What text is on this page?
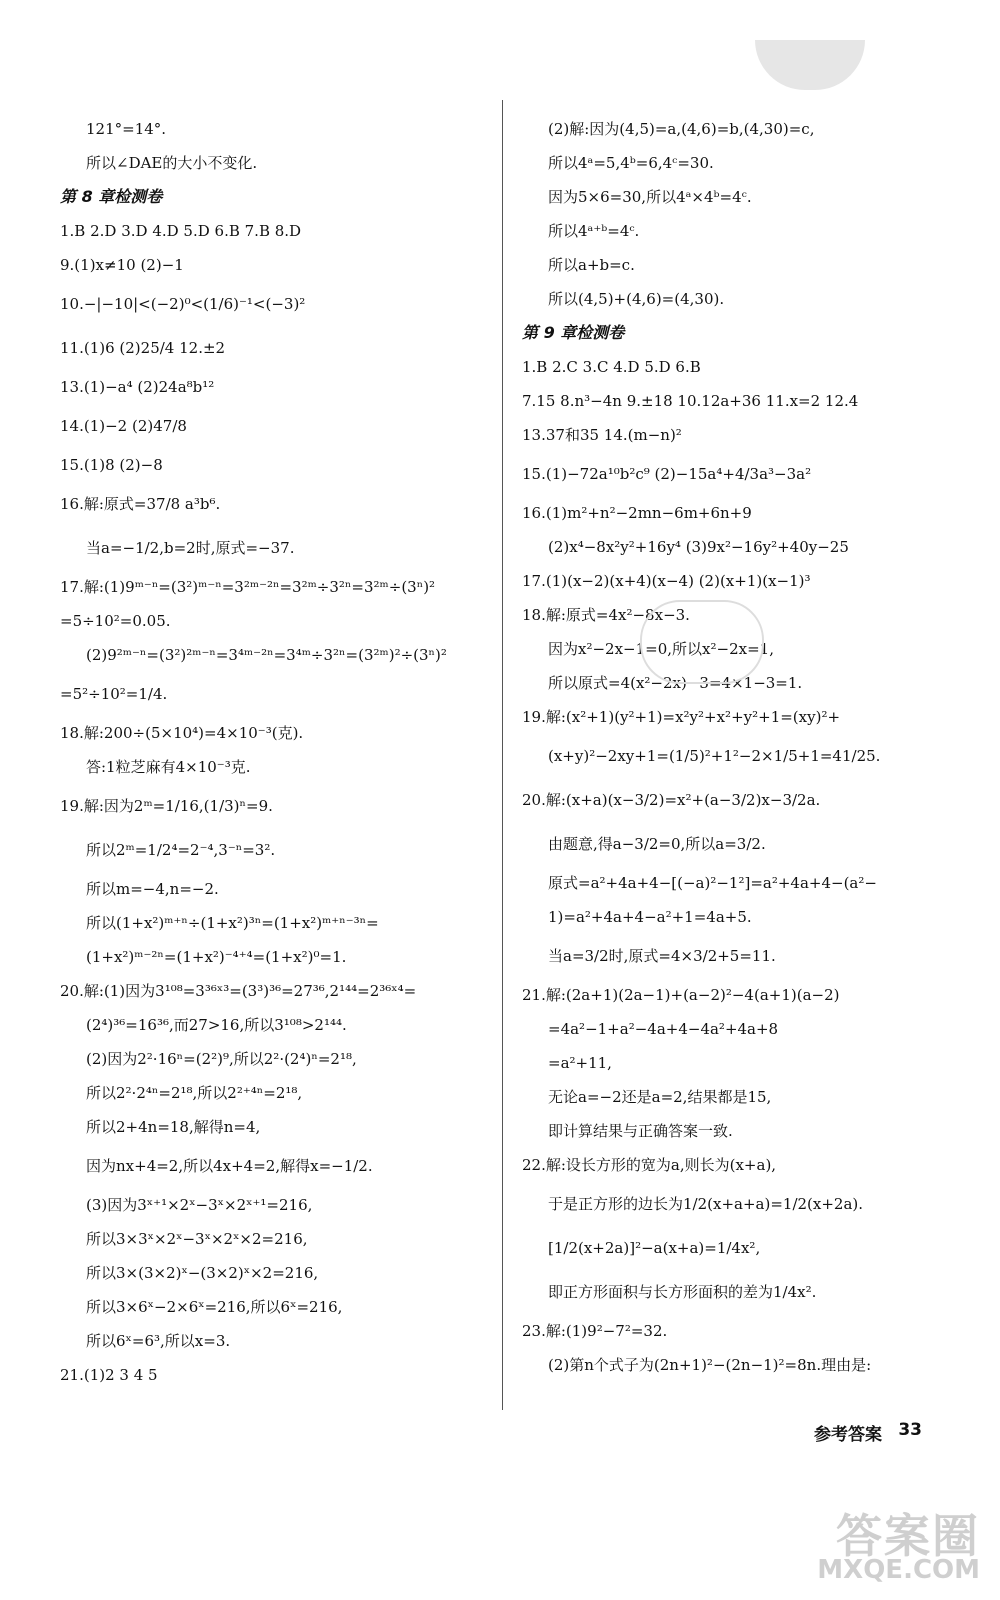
121°=14°.
所以∠DAE的大小不变化.
第 8 章检测卷
1.B 2.D 3.D 4.D 5.D 6.B 7.B 8.D
9.(1)x≠10 (2)−1
10.−|−10|<(−2)⁰<(1/6)⁻¹<(−3)²
11.(1)6 (2)25/4 12.±2
13.(1)−a⁴ (2)24a⁸b¹²
14.(1)−2 (2)47/8
15.(1)8 (2)−8
16.解:原式=37/8 a³b⁶.
当a=−1/2,b=2时,原式=−37.
17.解:(1)9ᵐ⁻ⁿ=(3²)ᵐ⁻ⁿ=3²ᵐ⁻²ⁿ=3²ᵐ÷3²ⁿ=3²ᵐ÷(3ⁿ)²
=5÷10²=0.05.
(2)9²ᵐ⁻ⁿ=(3²)²ᵐ⁻ⁿ=3⁴ᵐ⁻²ⁿ=3⁴ᵐ÷3²ⁿ=(3²ᵐ)²÷(3ⁿ)²
=5²÷10²=1/4.
18.解:200÷(5×10⁴)=4×10⁻³(克).
答:1粒芝麻有4×10⁻³克.
19.解:因为2ᵐ=1/16,(1/3)ⁿ=9.
所以2ᵐ=1/2⁴=2⁻⁴,3⁻ⁿ=3².
所以m=−4,n=−2.
所以(1+x²)ᵐ⁺ⁿ÷(1+x²)³ⁿ=(1+x²)ᵐ⁺ⁿ⁻³ⁿ=
(1+x²)ᵐ⁻²ⁿ=(1+x²)⁻⁴⁺⁴=(1+x²)⁰=1.
20.解:(1)因为3¹⁰⁸=3³⁶ˣ³=(3³)³⁶=27³⁶,2¹⁴⁴=2³⁶ˣ⁴=
(2⁴)³⁶=16³⁶,而27>16,所以3¹⁰⁸>2¹⁴⁴.
(2)因为2²·16ⁿ=(2²)⁹,所以2²·(2⁴)ⁿ=2¹⁸,
所以2²·2⁴ⁿ=2¹⁸,所以2²⁺⁴ⁿ=2¹⁸,
所以2+4n=18,解得n=4,
因为nx+4=2,所以4x+4=2,解得x=−1/2.
(3)因为3ˣ⁺¹×2ˣ−3ˣ×2ˣ⁺¹=216,
所以3×3ˣ×2ˣ−3ˣ×2ˣ×2=216,
所以3×(3×2)ˣ−(3×2)ˣ×2=216,
所以3×6ˣ−2×6ˣ=216,所以6ˣ=216,
所以6ˣ=6³,所以x=3.
21.(1)2 3 4 5
(2)解:因为(4,5)=a,(4,6)=b,(4,30)=c,
所以4ᵃ=5,4ᵇ=6,4ᶜ=30.
因为5×6=30,所以4ᵃ×4ᵇ=4ᶜ.
所以4ᵃ⁺ᵇ=4ᶜ.
所以a+b=c.
所以(4,5)+(4,6)=(4,30).
第 9 章检测卷
1.B 2.C 3.C 4.D 5.D 6.B
7.15 8.n³−4n 9.±18 10.12a+36 11.x=2 12.4
13.37和35 14.(m−n)²
15.(1)−72a¹⁰b²c⁹ (2)−15a⁴+4/3a³−3a²
16.(1)m²+n²−2mn−6m+6n+9
(2)x⁴−8x²y²+16y⁴ (3)9x²−16y²+40y−25
17.(1)(x−2)(x+4)(x−4) (2)(x+1)(x−1)³
18.解:原式=4x²−8x−3.
因为x²−2x−1=0,所以x²−2x=1,
所以原式=4(x²−2x)−3=4×1−3=1.
19.解:(x²+1)(y²+1)=x²y²+x²+y²+1=(xy)²+
(x+y)²−2xy+1=(1/5)²+1²−2×1/5+1=41/25.
20.解:(x+a)(x−3/2)=x²+(a−3/2)x−3/2a.
由题意,得a−3/2=0,所以a=3/2.
原式=a²+4a+4−[(−a)²−1²]=a²+4a+4−(a²−
1)=a²+4a+4−a²+1=4a+5.
当a=3/2时,原式=4×3/2+5=11.
21.解:(2a+1)(2a−1)+(a−2)²−4(a+1)(a−2)
=4a²−1+a²−4a+4−4a²+4a+8
=a²+11,
无论a=−2还是a=2,结果都是15,
即计算结果与正确答案一致.
22.解:设长方形的宽为a,则长为(x+a),
于是正方形的边长为1/2(x+a+a)=1/2(x+2a).
[1/2(x+2a)]²−a(x+a)=1/4x²,
即正方形面积与长方形面积的差为1/4x².
23.解:(1)9²−7²=32.
(2)第n个式子为(2n+1)²−(2n−1)²=8n.理由是:
参考答案 33
答案圈
MXQE.COM
